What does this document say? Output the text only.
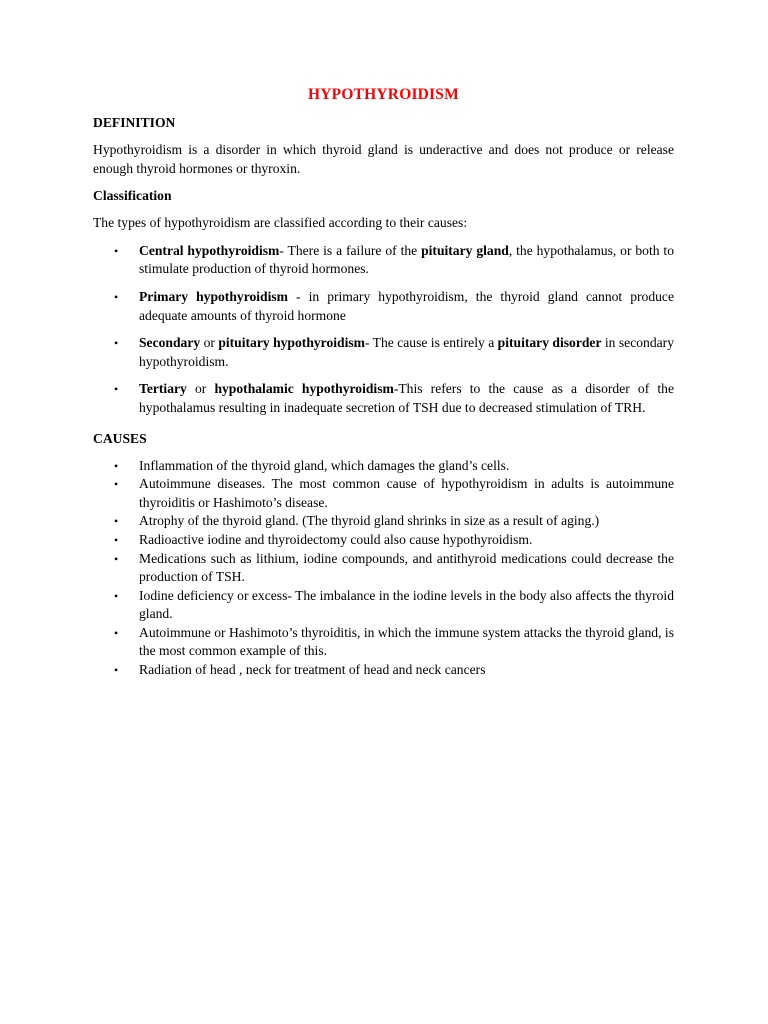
HYPOTHYROIDISM
DEFINITION
Hypothyroidism is a disorder in which thyroid gland is underactive and does not produce or release enough thyroid hormones or thyroxin.
Classification
The types of hypothyroidism are classified according to their causes:
• Central hypothyroidism- There is a failure of the pituitary gland, the hypothalamus, or both to stimulate production of thyroid hormones.
• Primary hypothyroidism - in primary hypothyroidism, the thyroid gland cannot produce adequate amounts of thyroid hormone
• Secondary or pituitary hypothyroidism- The cause is entirely a pituitary disorder in secondary hypothyroidism.
• Tertiary or hypothalamic hypothyroidism-This refers to the cause as a disorder of the hypothalamus resulting in inadequate secretion of TSH due to decreased stimulation of TRH.
CAUSES
• Inflammation of the thyroid gland, which damages the gland’s cells.
• Autoimmune diseases. The most common cause of hypothyroidism in adults is autoimmune thyroiditis or Hashimoto’s disease.
• Atrophy of the thyroid gland. (The thyroid gland shrinks in size as a result of aging.)
• Radioactive iodine and thyroidectomy could also cause hypothyroidism.
• Medications such as lithium, iodine compounds, and antithyroid medications could decrease the production of TSH.
• Iodine deficiency or excess- The imbalance in the iodine levels in the body also affects the thyroid gland.
• Autoimmune or Hashimoto’s thyroiditis, in which the immune system attacks the thyroid gland, is the most common example of this.
• Radiation of head , neck for treatment of head and neck cancers
